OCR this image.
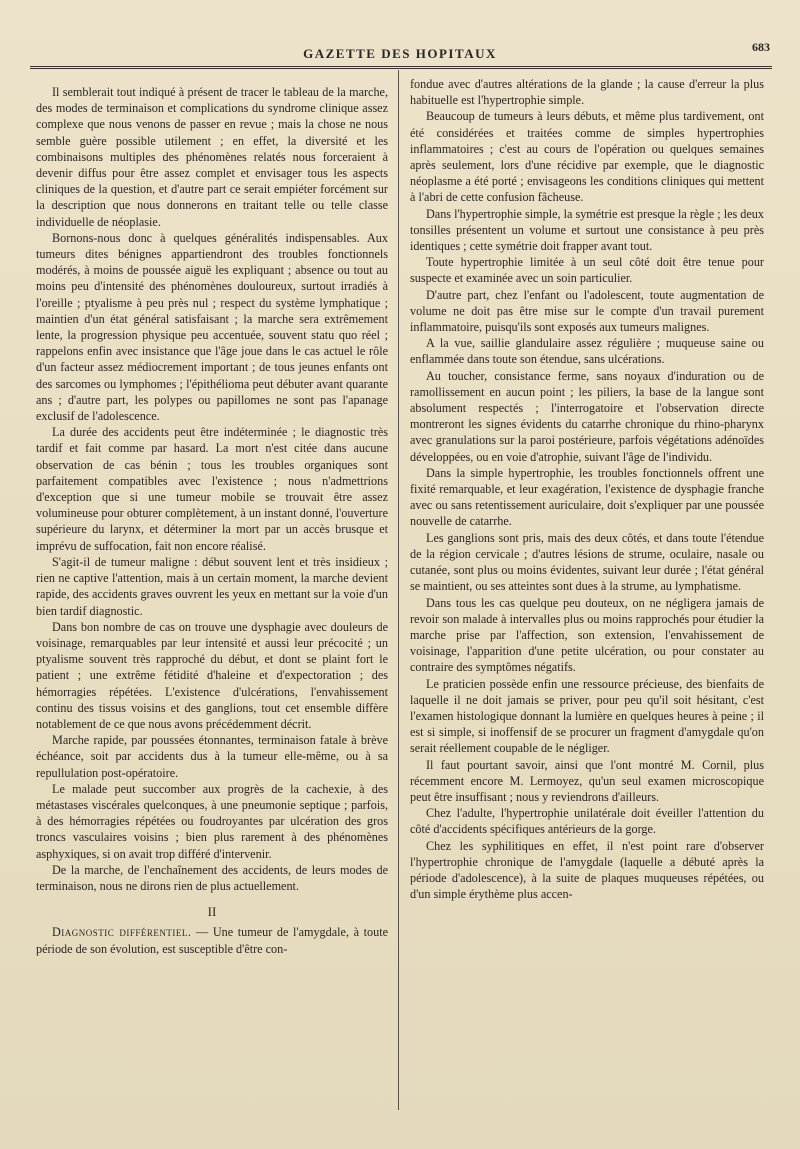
GAZETTE DES HOPITAUX	683

Il semblerait tout indiqué à présent de tracer le tableau de la marche, des modes de terminaison et complications du syndrome clinique assez complexe que nous venons de passer en revue ; mais la chose ne nous semble guère possible utilement ; en effet, la diversité et les combinaisons multiples des phénomènes relatés nous forceraient à devenir diffus pour être assez complet et envisager tous les aspects cliniques de la question, et d'autre part ce serait empiéter forcément sur la description que nous donnerons en traitant telle ou telle classe individuelle de néoplasie.

Bornons-nous donc à quelques généralités indispensables. Aux tumeurs dites bénignes appartiendront des troubles fonctionnels modérés, à moins de poussée aiguë les expliquant ; absence ou tout au moins peu d'intensité des phénomènes douloureux, surtout irradiés à l'oreille ; ptyalisme à peu près nul ; respect du système lymphatique ; maintien d'un état général satisfaisant ; la marche sera extrêmement lente, la progression physique peu accentuée, souvent statu quo réel ; rappelons enfin avec insistance que l'âge joue dans le cas actuel le rôle d'un facteur assez médiocrement important ; de tous jeunes enfants ont des sarcomes ou lymphomes ; l'épithélioma peut débuter avant quarante ans ; d'autre part, les polypes ou papillomes ne sont pas l'apanage exclusif de l'adolescence.

La durée des accidents peut être indéterminée ; le diagnostic très tardif et fait comme par hasard. La mort n'est citée dans aucune observation de cas bénin ; tous les troubles organiques sont parfaitement compatibles avec l'existence ; nous n'admettrions d'exception que si une tumeur mobile se trouvait être assez volumineuse pour obturer complètement, à un instant donné, l'ouverture supérieure du larynx, et déterminer la mort par un accès brusque et imprévu de suffocation, fait non encore réalisé.

S'agit-il de tumeur maligne : début souvent lent et très insidieux ; rien ne captive l'attention, mais à un certain moment, la marche devient rapide, des accidents graves ouvrent les yeux en mettant sur la voie d'un bien tardif diagnostic.

Dans bon nombre de cas on trouve une dysphagie avec douleurs de voisinage, remarquables par leur intensité et aussi leur précocité ; un ptyalisme souvent très rapproché du début, et dont se plaint fort le patient ; une extrême fétidité d'haleine et d'expectoration ; des hémorragies répétées. L'existence d'ulcérations, l'envahissement continu des tissus voisins et des ganglions, tout cet ensemble diffère notablement de ce que nous avons précédemment décrit.

Marche rapide, par poussées étonnantes, terminaison fatale à brève échéance, soit par accidents dus à la tumeur elle-même, ou à sa repullulation post-opératoire.

Le malade peut succomber aux progrès de la cachexie, à des métastases viscérales quelconques, à une pneumonie septique ; parfois, à des hémorragies répétées ou foudroyantes par ulcération des gros troncs vasculaires voisins ; bien plus rarement à des phénomènes asphyxiques, si on avait trop différé d'intervenir.

De la marche, de l'enchaînement des accidents, de leurs modes de terminaison, nous ne dirons rien de plus actuellement.

II

Diagnostic différentiel. — Une tumeur de l'amygdale, à toute période de son évolution, est susceptible d'être con-

fondue avec d'autres altérations de la glande ; la cause d'erreur la plus habituelle est l'hypertrophie simple.

Beaucoup de tumeurs à leurs débuts, et même plus tardivement, ont été considérées et traitées comme de simples hypertrophies inflammatoires ; c'est au cours de l'opération ou quelques semaines après seulement, lors d'une récidive par exemple, que le diagnostic néoplasme a été porté ; envisageons les conditions cliniques qui mettent à l'abri de cette confusion fâcheuse.

Dans l'hypertrophie simple, la symétrie est presque la règle ; les deux tonsilles présentent un volume et surtout une consistance à peu près identiques ; cette symétrie doit frapper avant tout.

Toute hypertrophie limitée à un seul côté doit être tenue pour suspecte et examinée avec un soin particulier.

D'autre part, chez l'enfant ou l'adolescent, toute augmentation de volume ne doit pas être mise sur le compte d'un travail purement inflammatoire, puisqu'ils sont exposés aux tumeurs malignes.

A la vue, saillie glandulaire assez régulière ; muqueuse saine ou enflammée dans toute son étendue, sans ulcérations.

Au toucher, consistance ferme, sans noyaux d'induration ou de ramollissement en aucun point ; les piliers, la base de la langue sont absolument respectés ; l'interrogatoire et l'observation directe montreront les signes évidents du catarrhe chronique du rhino-pharynx avec granulations sur la paroi postérieure, parfois végétations adénoïdes développées, ou en voie d'atrophie, suivant l'âge de l'individu.

Dans la simple hypertrophie, les troubles fonctionnels offrent une fixité remarquable, et leur exagération, l'existence de dysphagie franche avec ou sans retentissement auriculaire, doit s'expliquer par une poussée nouvelle de catarrhe.

Les ganglions sont pris, mais des deux côtés, et dans toute l'étendue de la région cervicale ; d'autres lésions de strume, oculaire, nasale ou cutanée, sont plus ou moins évidentes, suivant leur durée ; l'état général se maintient, ou ses atteintes sont dues à la strume, au lymphatisme.

Dans tous les cas quelque peu douteux, on ne négligera jamais de revoir son malade à intervalles plus ou moins rapprochés pour étudier la marche prise par l'affection, son extension, l'envahissement de voisinage, l'apparition d'une petite ulcération, ou pour constater au contraire des symptômes négatifs.

Le praticien possède enfin une ressource précieuse, des bienfaits de laquelle il ne doit jamais se priver, pour peu qu'il soit hésitant, c'est l'examen histologique donnant la lumière en quelques heures à peine ; il est si simple, si inoffensif de se procurer un fragment d'amygdale qu'on serait réellement coupable de le négliger.

Il faut pourtant savoir, ainsi que l'ont montré M. Cornil, plus récemment encore M. Lermoyez, qu'un seul examen microscopique peut être insuffisant ; nous y reviendrons d'ailleurs.

Chez l'adulte, l'hypertrophie unilatérale doit éveiller l'attention du côté d'accidents spécifiques antérieurs de la gorge.

Chez les syphilitiques en effet, il n'est point rare d'observer l'hypertrophie chronique de l'amygdale (laquelle a débuté après la période d'adolescence), à la suite de plaques muqueuses répétées, ou d'un simple érythème plus accen-
